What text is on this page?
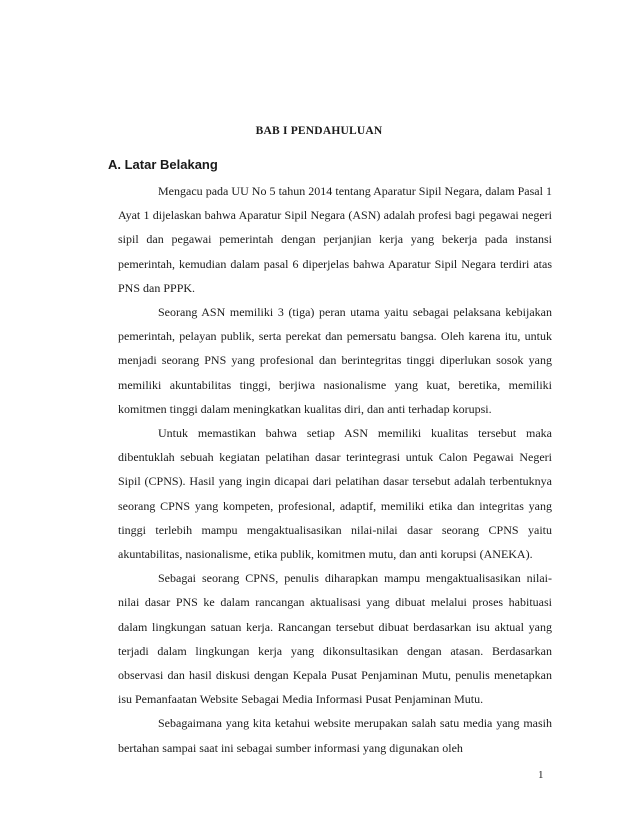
BAB I PENDAHULUAN
A. Latar Belakang

Mengacu pada UU No 5 tahun 2014 tentang Aparatur Sipil Negara, dalam Pasal 1 Ayat 1 dijelaskan bahwa Aparatur Sipil Negara (ASN) adalah profesi bagi pegawai negeri sipil dan pegawai pemerintah dengan perjanjian kerja yang bekerja pada instansi pemerintah, kemudian dalam pasal 6 diperjelas bahwa Aparatur Sipil Negara terdiri atas PNS dan PPPK.

Seorang ASN memiliki 3 (tiga) peran utama yaitu sebagai pelaksana kebijakan pemerintah, pelayan publik, serta perekat dan pemersatu bangsa. Oleh karena itu, untuk menjadi seorang PNS yang profesional dan berintegritas tinggi diperlukan sosok yang memiliki akuntabilitas tinggi, berjiwa nasionalisme yang kuat, beretika, memiliki komitmen tinggi dalam meningkatkan kualitas diri, dan anti terhadap korupsi.

Untuk memastikan bahwa setiap ASN memiliki kualitas tersebut maka dibentuklah sebuah kegiatan pelatihan dasar terintegrasi untuk Calon Pegawai Negeri Sipil (CPNS). Hasil yang ingin dicapai dari pelatihan dasar tersebut adalah terbentuknya seorang CPNS yang kompeten, profesional, adaptif, memiliki etika dan integritas yang tinggi terlebih mampu mengaktualisasikan nilai-nilai dasar seorang CPNS yaitu akuntabilitas, nasionalisme, etika publik, komitmen mutu, dan anti korupsi (ANEKA).

Sebagai seorang CPNS, penulis diharapkan mampu mengaktualisasikan nilai-nilai dasar PNS ke dalam rancangan aktualisasi yang dibuat melalui proses habituasi dalam lingkungan satuan kerja. Rancangan tersebut dibuat berdasarkan isu aktual yang terjadi dalam lingkungan kerja yang dikonsultasikan dengan atasan. Berdasarkan observasi dan hasil diskusi dengan Kepala Pusat Penjaminan Mutu, penulis menetapkan isu Pemanfaatan Website Sebagai Media Informasi Pusat Penjaminan Mutu.

Sebagaimana yang kita ketahui website merupakan salah satu media yang masih bertahan sampai saat ini sebagai sumber informasi yang digunakan oleh

1
